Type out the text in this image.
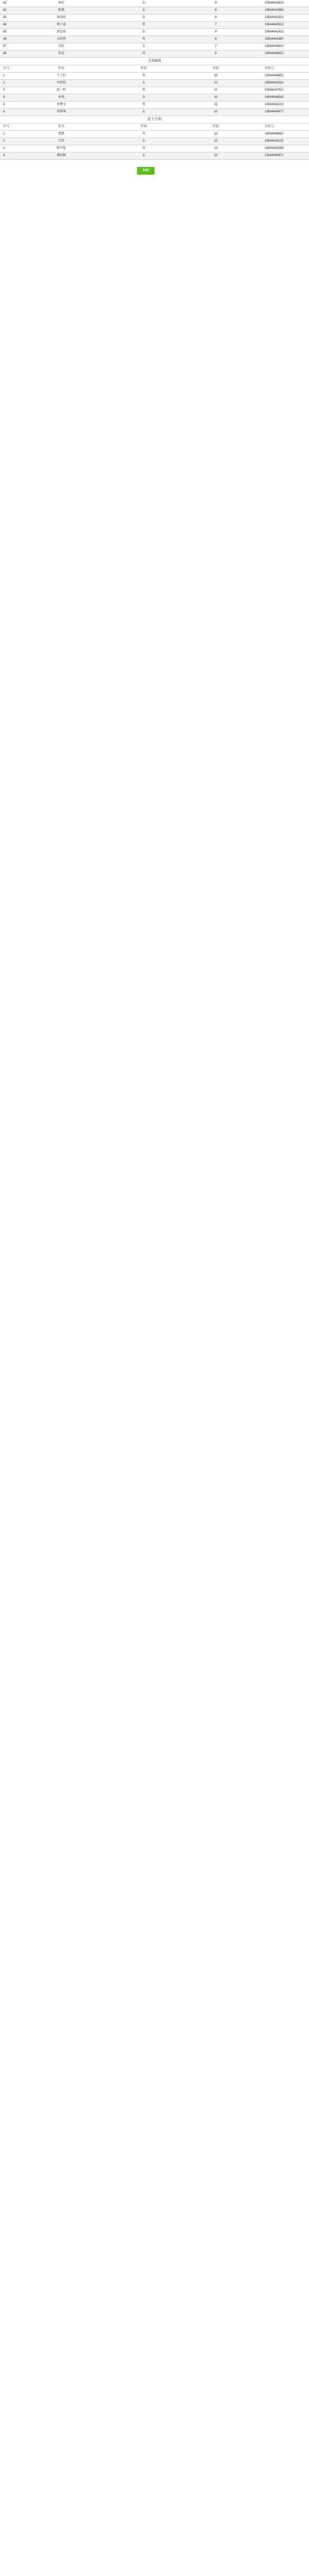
81	徐若	女	8	15544442632
82	陈琪	女	8	18544441985
83	周雨欣	女	8	18544441521
84	林子豪	男	7	15544443512
85	黄思雨	女	8	18544441412
86	吴浩然	男	8	18544441987
87	刘佳	女	7	15544446631
88	张晨	男	8	18544446821
大班B组
序号	姓名	性别	年龄	手机号
1	王子轩	男	10	15544449652
2	李欣怡	女	10	18544443321
3	赵一鸣	男	11	15544447021
4	孙悦	女	10	18544448542
5	周博文	男	11	15544442210
6	钱梦琪	女	10	18544446677
启宁小班
序号	姓名	性别	年龄	手机号
1	郑凯	男	12	18544448867
2	冯雪	女	12	15544441123
3	陈宇航	男	13	18544442098
4	褚雨桐	女	12	15544440871
END
